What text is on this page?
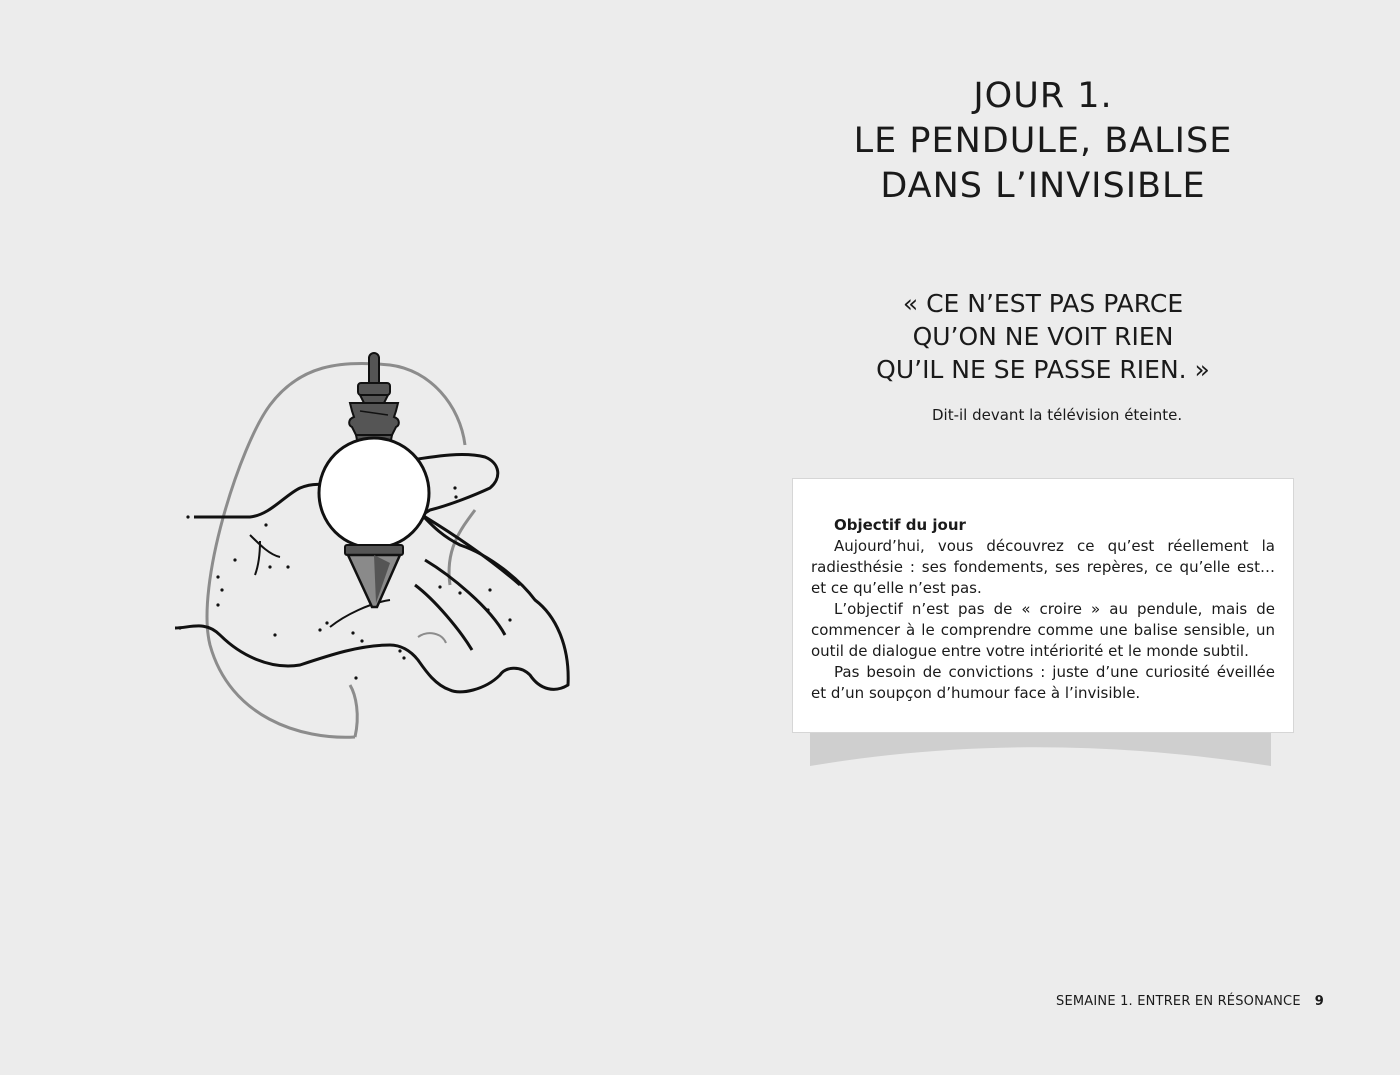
JOUR 1.
LE PENDULE, BALISE
DANS L’INVISIBLE

« CE N’EST PAS PARCE
QU’ON NE VOIT RIEN
QU’IL NE SE PASSE RIEN. »

Dit-il devant la télévision éteinte.

Objectif du jour

Aujourd’hui, vous découvrez ce qu’est réellement la radiesthésie : ses fondements, ses repères, ce qu’elle est… et ce qu’elle n’est pas.

L’objectif n’est pas de « croire » au pendule, mais de commencer à le comprendre comme une balise sensible, un outil de dialogue entre votre intériorité et le monde subtil.

Pas besoin de convictions : juste d’une curiosité éveillée et d’un soupçon d’humour face à l’invisible.

SEMAINE 1. ENTRER EN RÉSONANCE 9
